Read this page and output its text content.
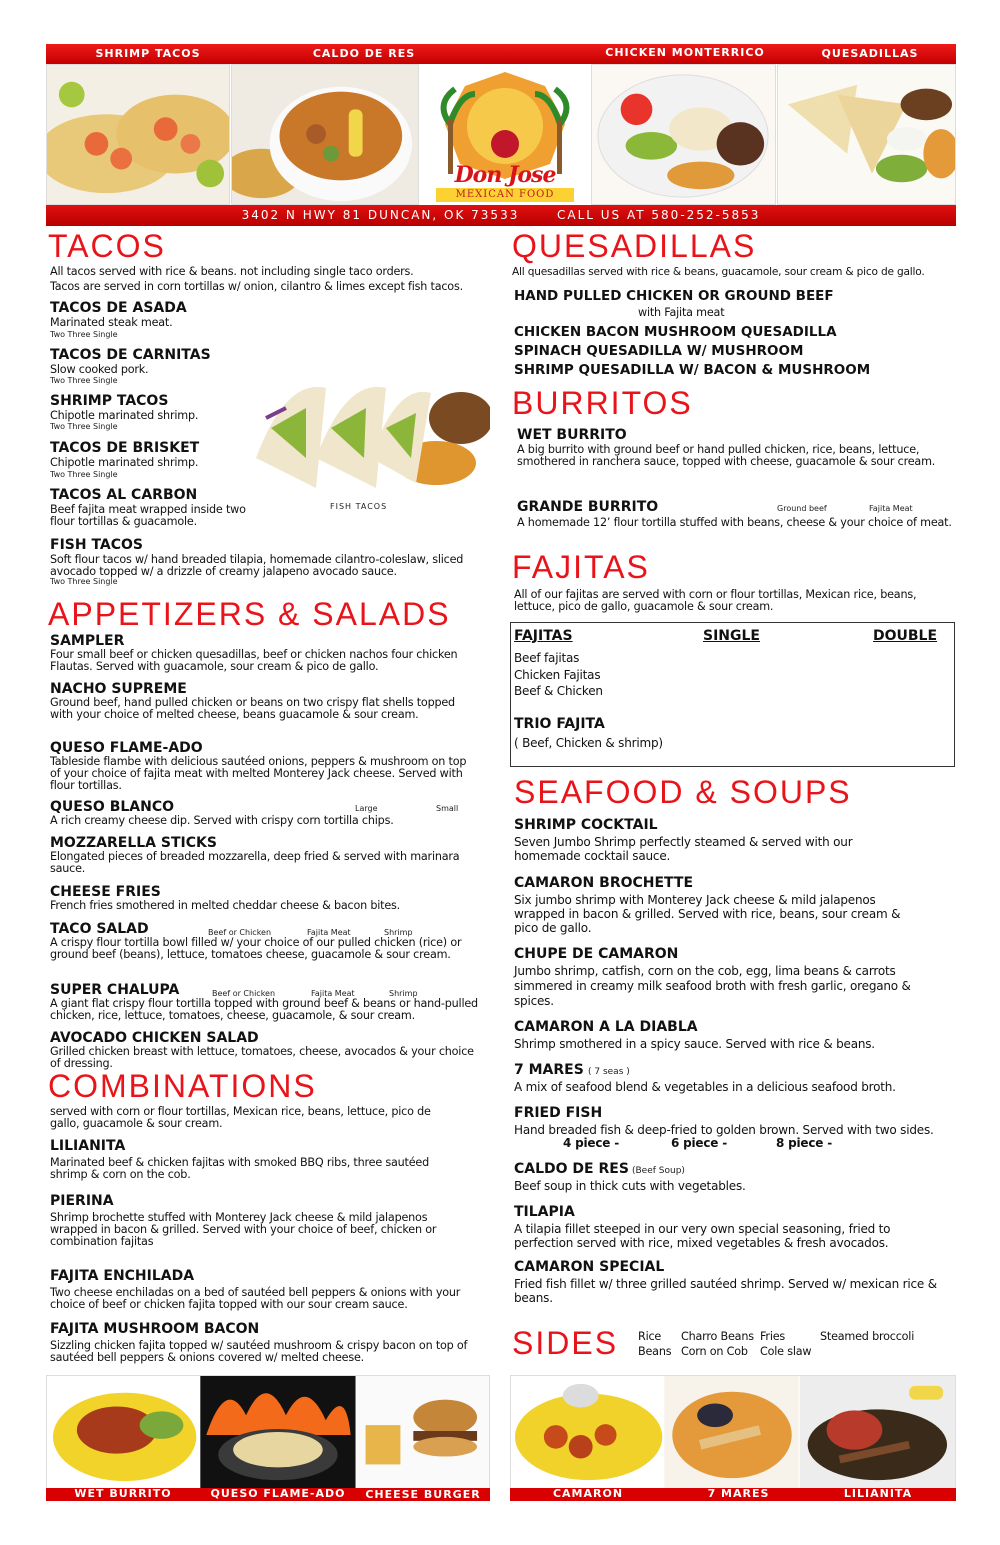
SHRIMP TACOS	CALDO DE RES	CHICKEN MONTERRICO	QUESADILLAS
Don Jose
MEXICAN FOOD
3402 N HWY 81 DUNCAN, OK 73533	CALL US AT 580-252-5853
TACOS
All tacos served with rice & beans. not including single taco orders.
Tacos are served in corn tortillas w/ onion, cilantro & limes except fish tacos.
TACOS DE ASADA
Marinated steak meat.
Two Three Single
TACOS DE CARNITAS
Slow cooked pork.
Two Three Single
SHRIMP TACOS
Chipotle marinated shrimp.
Two Three Single
TACOS DE BRISKET
Chipotle marinated shrimp.
Two Three Single
TACOS AL CARBON
Beef fajita meat wrapped inside two flour tortillas & guacamole.
FISH TACOS
FISH TACOS
Soft flour tacos w/ hand breaded tilapia, homemade cilantro-coleslaw, sliced avocado topped w/ a drizzle of creamy jalapeno avocado sauce.
Two Three Single
APPETIZERS & SALADS
SAMPLER
Four small beef or chicken quesadillas, beef or chicken nachos four chicken Flautas. Served with guacamole, sour cream & pico de gallo.
NACHO SUPREME
Ground beef, hand pulled chicken or beans on two crispy flat shells topped with your choice of melted cheese, beans guacamole & sour cream.
QUESO FLAME-ADO
Tableside flambe with delicious sautéed onions, peppers & mushroom on top of your choice of fajita meat with melted Monterey Jack cheese. Served with flour tortillas.
QUESO BLANCO	Large	Small
A rich creamy cheese dip. Served with crispy corn tortilla chips.
MOZZARELLA STICKS
Elongated pieces of breaded mozzarella, deep fried & served with marinara sauce.
CHEESE FRIES
French fries smothered in melted cheddar cheese & bacon bites.
TACO SALAD	Beef or Chicken	Fajita Meat	Shrimp
A crispy flour tortilla bowl filled w/ your choice of our pulled chicken (rice) or ground beef (beans), lettuce, tomatoes cheese, guacamole & sour cream.
SUPER CHALUPA	Beef or Chicken	Fajita Meat	Shrimp
A giant flat crispy flour tortilla topped with ground beef & beans or hand-pulled chicken, rice, lettuce, tomatoes, cheese, guacamole, & sour cream.
AVOCADO CHICKEN SALAD
Grilled chicken breast with lettuce, tomatoes, cheese, avocados & your choice of dressing.
COMBINATIONS
served with corn or flour tortillas, Mexican rice, beans, lettuce, pico de gallo, guacamole & sour cream.
LILIANITA
Marinated beef & chicken fajitas with smoked BBQ ribs, three sautéed shrimp & corn on the cob.
PIERINA
Shrimp brochette stuffed with Monterey Jack cheese & mild jalapenos wrapped in bacon & grilled. Served with your choice of beef, chicken or combination fajitas
FAJITA ENCHILADA
Two cheese enchiladas on a bed of sautéed bell peppers & onions with your choice of beef or chicken fajita topped with our sour cream sauce.
FAJITA MUSHROOM BACON
Sizzling chicken fajita topped w/ sautéed mushroom & crispy bacon on top of sautéed bell peppers & onions covered w/ melted cheese.
QUESADILLAS
All quesadillas served with rice & beans, guacamole, sour cream & pico de gallo.
HAND PULLED CHICKEN OR GROUND BEEF
with Fajita meat
CHICKEN BACON MUSHROOM QUESADILLA
SPINACH QUESADILLA W/ MUSHROOM
SHRIMP QUESADILLA W/ BACON & MUSHROOM
BURRITOS
WET BURRITO
A big burrito with ground beef or hand pulled chicken, rice, beans, lettuce, smothered in ranchera sauce, topped with cheese, guacamole & sour cream.
GRANDE BURRITO	Ground beef	Fajita Meat
A homemade 12’ flour tortilla stuffed with beans, cheese & your choice of meat.
FAJITAS
All of our fajitas are served with corn or flour tortillas, Mexican rice, beans, lettuce, pico de gallo, guacamole & sour cream.
FAJITAS	SINGLE	DOUBLE
Beef fajitas
Chicken Fajitas
Beef & Chicken
TRIO FAJITA
( Beef, Chicken & shrimp)
SEAFOOD & SOUPS
SHRIMP COCKTAIL
Seven Jumbo Shrimp perfectly steamed & served with our homemade cocktail sauce.
CAMARON BROCHETTE
Six jumbo shrimp with Monterey Jack cheese & mild jalapenos wrapped in bacon & grilled. Served with rice, beans, sour cream & pico de gallo.
CHUPE DE CAMARON
Jumbo shrimp, catfish, corn on the cob, egg, lima beans & carrots simmered in creamy milk seafood broth with fresh garlic, oregano & spices.
CAMARON A LA DIABLA
Shrimp smothered in a spicy sauce. Served with rice & beans.
7 MARES ( 7 seas )
A mix of seafood blend & vegetables in a delicious seafood broth.
FRIED FISH
Hand breaded fish & deep-fried to golden brown. Served with two sides.
4 piece -	6 piece -	8 piece -
CALDO DE RES (Beef Soup)
Beef soup in thick cuts with vegetables.
TILAPIA
A tilapia fillet steeped in our very own special seasoning, fried to perfection served with rice, mixed vegetables & fresh avocados.
CAMARON SPECIAL
Fried fish fillet w/ three grilled sautéed shrimp. Served w/ mexican rice & beans.
SIDES Rice
Beans
Charro Beans
Corn on Cob
Fries
Cole slaw
Steamed broccoli
WET BURRITO	QUESO FLAME-ADO	CHEESE BURGER	CAMARON BROCHETTE
7 MARES	LILIANITA
